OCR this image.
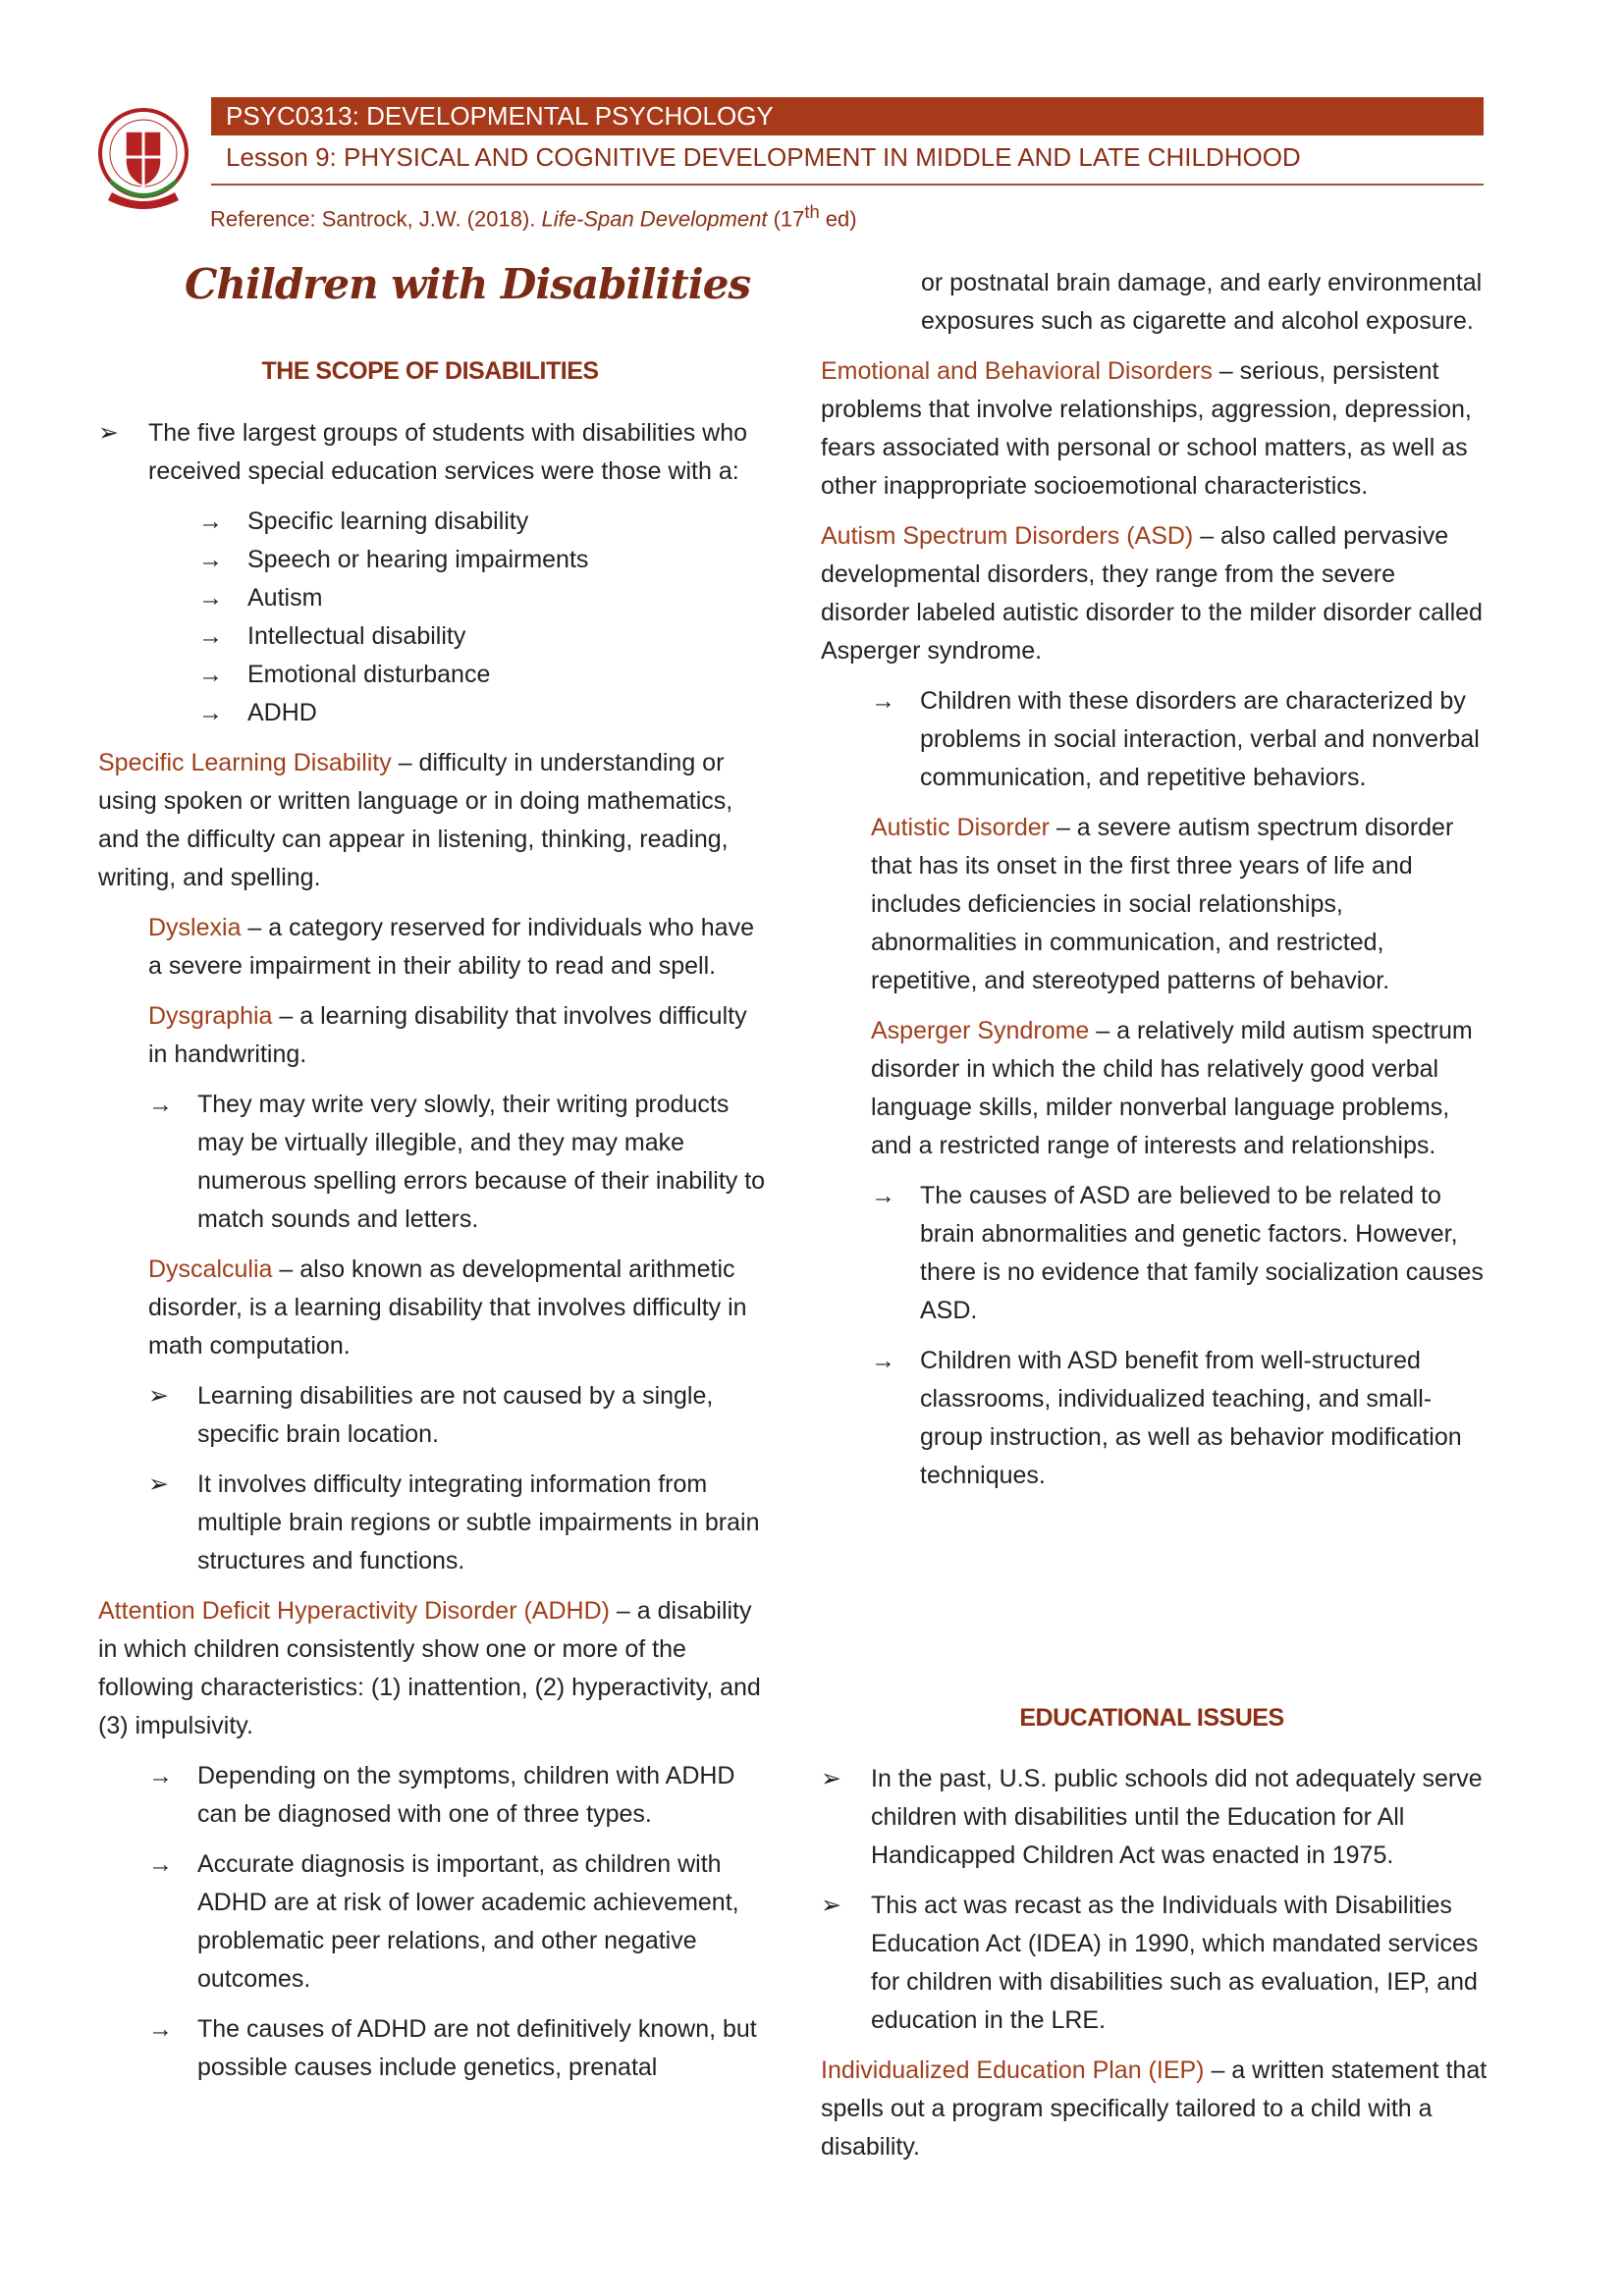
PSYC0313: DEVELOPMENTAL PSYCHOLOGY
Lesson 9: PHYSICAL AND COGNITIVE DEVELOPMENT IN MIDDLE AND LATE CHILDHOOD
Reference: Santrock, J.W. (2018). Life-Span Development (17th ed)
Children with Disabilities
THE SCOPE OF DISABILITIES
EDUCATIONAL ISSUES
➢ The five largest groups of students with disabilities who received special education services were those with a:
→ Specific learning disability
→ Speech or hearing impairments
→ Autism
→ Intellectual disability
→ Emotional disturbance
→ ADHD
Specific Learning Disability – difficulty in understanding or using spoken or written language or in doing mathematics, and the difficulty can appear in listening, thinking, reading, writing, and spelling.
Dyslexia – a category reserved for individuals who have a severe impairment in their ability to read and spell.
Dysgraphia – a learning disability that involves difficulty in handwriting.
→ They may write very slowly, their writing products may be virtually illegible, and they may make numerous spelling errors because of their inability to match sounds and letters.
Dyscalculia – also known as developmental arithmetic disorder, is a learning disability that involves difficulty in math computation.
➢ Learning disabilities are not caused by a single, specific brain location.
➢ It involves difficulty integrating information from multiple brain regions or subtle impairments in brain structures and functions.
Attention Deficit Hyperactivity Disorder (ADHD) – a disability in which children consistently show one or more of the following characteristics: (1) inattention, (2) hyperactivity, and (3) impulsivity.
→ Depending on the symptoms, children with ADHD can be diagnosed with one of three types.
→ Accurate diagnosis is important, as children with ADHD are at risk of lower academic achievement, problematic peer relations, and other negative outcomes.
→ The causes of ADHD are not definitively known, but possible causes include genetics, prenatal
or postnatal brain damage, and early environmental exposures such as cigarette and alcohol exposure.
Emotional and Behavioral Disorders – serious, persistent problems that involve relationships, aggression, depression, fears associated with personal or school matters, as well as other inappropriate socioemotional characteristics.
Autism Spectrum Disorders (ASD) – also called pervasive developmental disorders, they range from the severe disorder labeled autistic disorder to the milder disorder called Asperger syndrome.
→ Children with these disorders are characterized by problems in social interaction, verbal and nonverbal communication, and repetitive behaviors.
Autistic Disorder – a severe autism spectrum disorder that has its onset in the first three years of life and includes deficiencies in social relationships, abnormalities in communication, and restricted, repetitive, and stereotyped patterns of behavior.
Asperger Syndrome – a relatively mild autism spectrum disorder in which the child has relatively good verbal language skills, milder nonverbal language problems, and a restricted range of interests and relationships.
→ The causes of ASD are believed to be related to brain abnormalities and genetic factors. However, there is no evidence that family socialization causes ASD.
→ Children with ASD benefit from well-structured classrooms, individualized teaching, and small-group instruction, as well as behavior modification techniques.
➢ In the past, U.S. public schools did not adequately serve children with disabilities until the Education for All Handicapped Children Act was enacted in 1975.
➢ This act was recast as the Individuals with Disabilities Education Act (IDEA) in 1990, which mandated services for children with disabilities such as evaluation, IEP, and education in the LRE.
Individualized Education Plan (IEP) – a written statement that spells out a program specifically tailored to a child with a disability.
